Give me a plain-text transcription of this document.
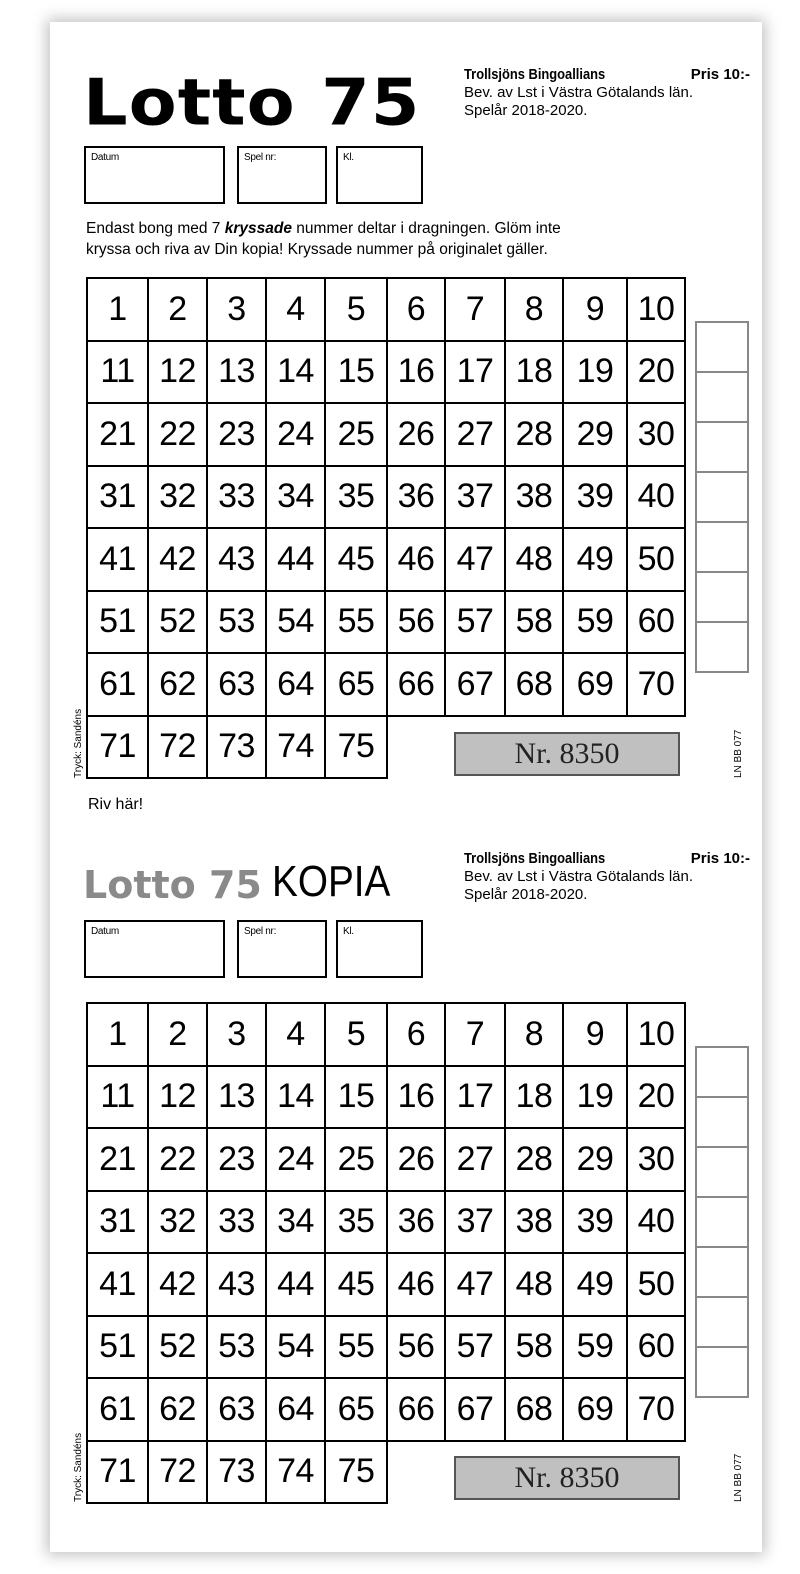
Lotto 75	Trollsjöns Bingoallians	Pris 10:-
Bev. av Lst i Västra Götalands län.
Spelår 2018-2020.
Datum	Spel nr:	Kl.
Endast bong med 7 kryssade nummer deltar i dragningen. Glöm inte
kryssa och riva av Din kopia! Kryssade nummer på originalet gäller.
1	2	3	4	5	6	7	8	9 10
11 12 13 14 15 16 17 18 19 20
21 22 23 24 25 26 27 28 29 30
31 32 33 34 35 36 37 38 39 40
41 42 43 44 45 46 47 48 49 50
51 52 53 54 55 56 57 58 59 60
61 62 63 64 65 66 67 68 69 70
71 72 73 74 75	Nr. 8350
Tryck: Sandéns	LN BB 077
Riv här!
Lotto 75 KOPIA	Trollsjöns Bingoallians	Pris 10:-
Bev. av Lst i Västra Götalands län.
Spelår 2018-2020.
Datum	Spel nr:	Kl.
1	2	3	4	5	6	7	8	9 10
11 12 13 14 15 16 17 18 19 20
21 22 23 24 25 26 27 28 29 30
31 32 33 34 35 36 37 38 39 40
41 42 43 44 45 46 47 48 49 50
51 52 53 54 55 56 57 58 59 60
61 62 63 64 65 66 67 68 69 70
71 72 73 74 75	Nr. 8350
Tryck: Sandéns	LN BB 077
